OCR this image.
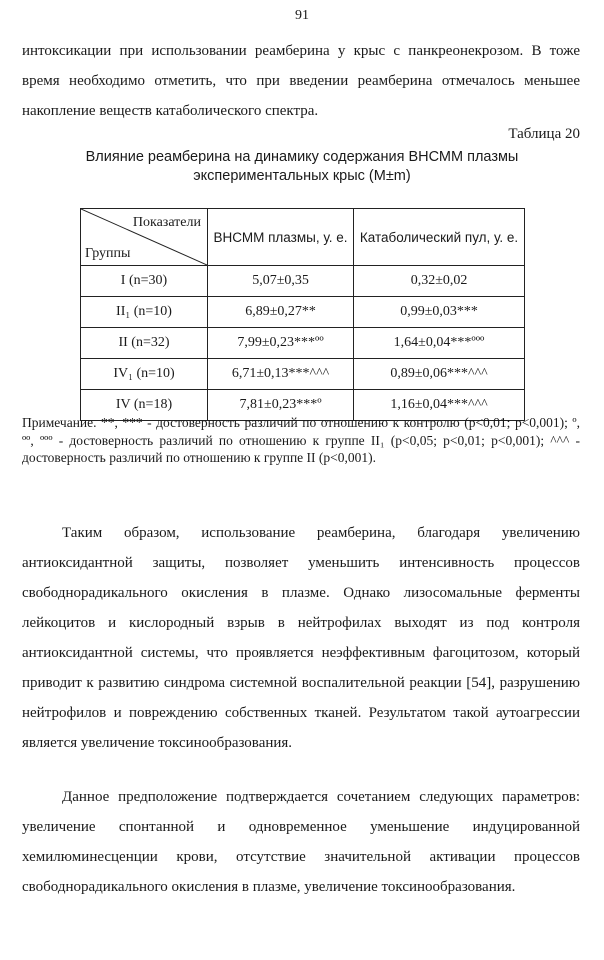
91

интоксикации при использовании реамберина у крыс с панкреонекрозом. В тоже время необходимо отметить, что при введении реамберина отмечалось меньшее накопление веществ катаболического спектра.

Таблица 20
Влияние реамберина на динамику содержания ВНСММ плазмы экспериментальных крыс (М±m)
Показатели
Группы	ВНСММ плазмы, у. е.	Катаболический пул, у. е.
I (n=30)	5,07±0,35	0,32±0,02
II₁ (n=10)	6,89±0,27**	0,99±0,03***
II (n=32)	7,99±0,23***ºº	1,64±0,04***ººº
IV₁ (n=10)	6,71±0,13***^^^	0,89±0,06***^^^
IV (n=18)	7,81±0,23***º	1,16±0,04***^^^

Примечание. **, *** - достоверность различий по отношению к контролю (p<0,01; p<0,001); º, ºº, ººº - достоверность различий по отношению к группе II₁ (p<0,05; p<0,01; p<0,001); ^^^ - достоверность различий по отношению к группе II (p<0,001).

Таким образом, использование реамберина, благодаря увеличению антиоксидантной защиты, позволяет уменьшить интенсивность процессов свободнорадикального окисления в плазме. Однако лизосомальные ферменты лейкоцитов и кислородный взрыв в нейтрофилах выходят из под контроля антиоксидантной системы, что проявляется неэффективным фагоцитозом, который приводит к развитию синдрома системной воспалительной реакции [54], разрушению нейтрофилов и повреждению собственных тканей. Результатом такой аутоагрессии является увеличение токсинообразования.

Данное предположение подтверждается сочетанием следующих параметров: увеличение спонтанной и одновременное уменьшение индуцированной хемилюминесценции крови, отсутствие значительной активации процессов свободнорадикального окисления в плазме, увеличение токсинообразования.
